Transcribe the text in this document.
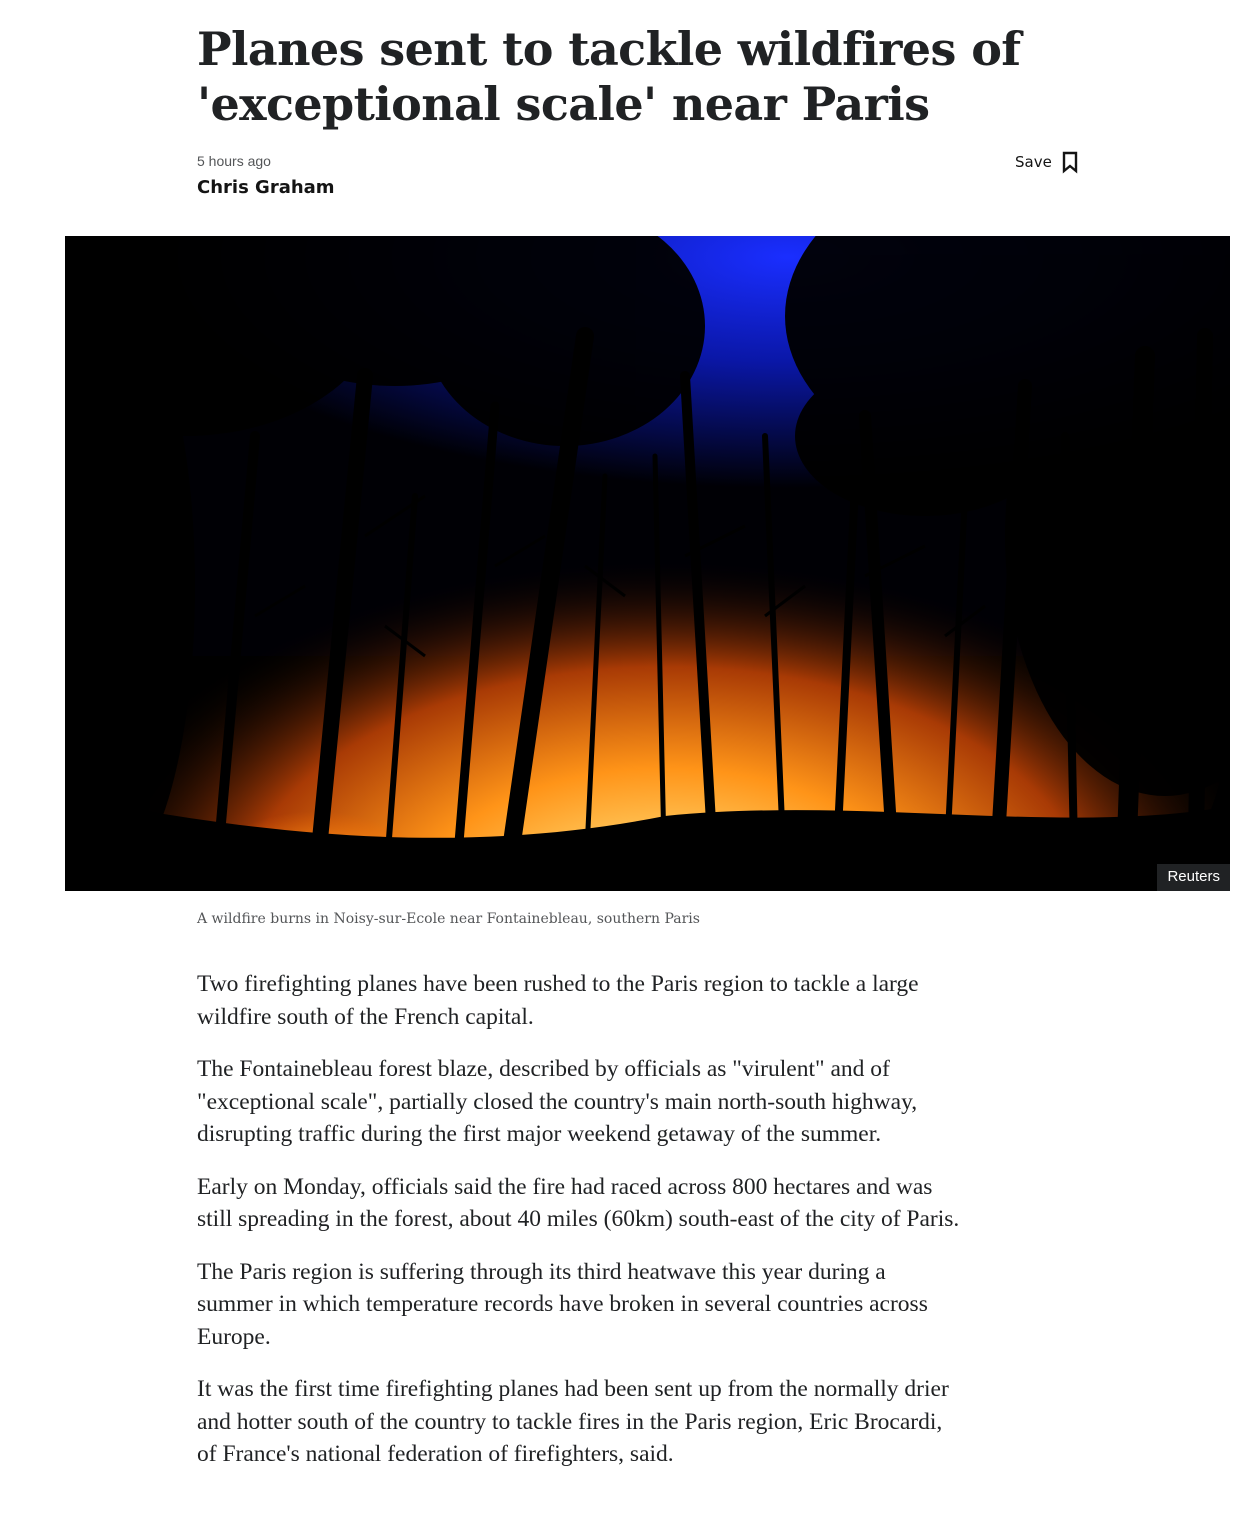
Planes sent to tackle wildfires of 'exceptional scale' near Paris
5 hours ago
Chris Graham
Save
Reuters
A wildfire burns in Noisy-sur-Ecole near Fontainebleau, southern Paris

Two firefighting planes have been rushed to the Paris region to tackle a large wildfire south of the French capital.

The Fontainebleau forest blaze, described by officials as "virulent" and of "exceptional scale", partially closed the country's main north-south highway, disrupting traffic during the first major weekend getaway of the summer.

Early on Monday, officials said the fire had raced across 800 hectares and was still spreading in the forest, about 40 miles (60km) south-east of the city of Paris.

The Paris region is suffering through its third heatwave this year during a summer in which temperature records have broken in several countries across Europe.

It was the first time firefighting planes had been sent up from the normally drier and hotter south of the country to tackle fires in the Paris region, Eric Brocardi, of France's national federation of firefighters, said.
